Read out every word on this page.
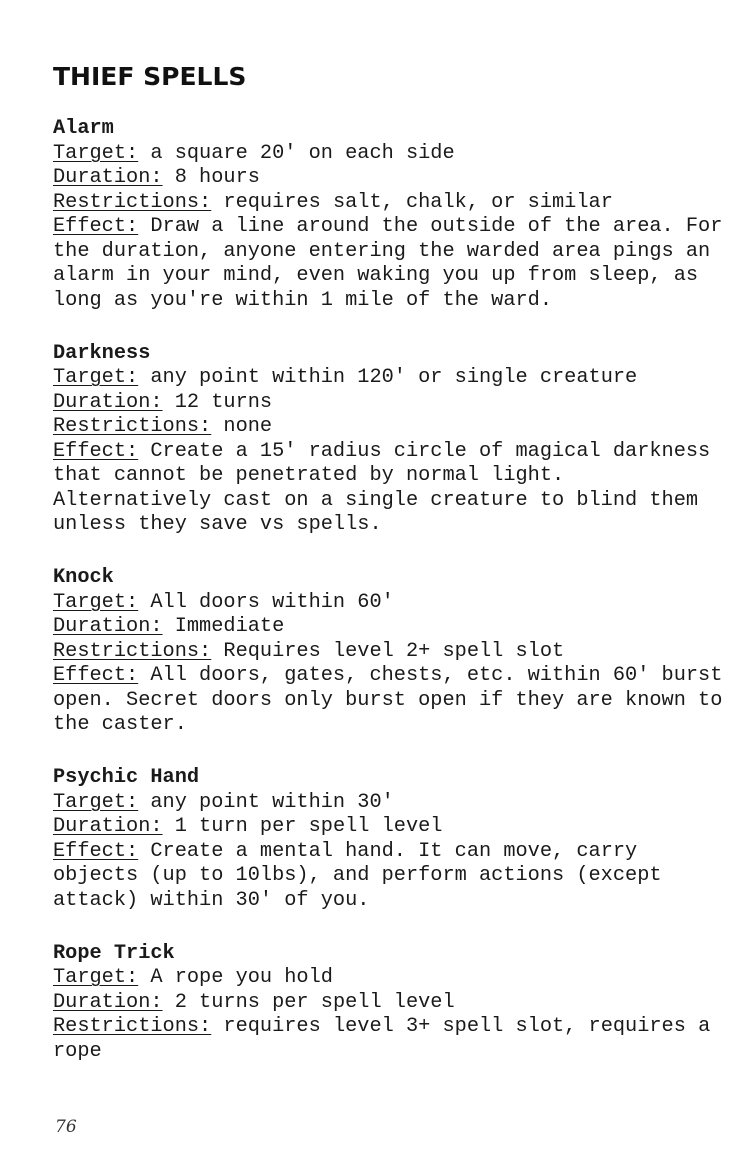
THIEF SPELLS
Alarm
Target: a square 20' on each side
Duration: 8 hours
Restrictions: requires salt, chalk, or similar
Effect: Draw a line around the outside of the area. For the duration, anyone entering the warded area pings an alarm in your mind, even waking you up from sleep, as long as you're within 1 mile of the ward.
Darkness
Target: any point within 120' or single creature
Duration: 12 turns
Restrictions: none
Effect: Create a 15' radius circle of magical darkness that cannot be penetrated by normal light. Alternatively cast on a single creature to blind them unless they save vs spells.
Knock
Target: All doors within 60'
Duration: Immediate
Restrictions: Requires level 2+ spell slot
Effect: All doors, gates, chests, etc. within 60' burst open. Secret doors only burst open if they are known to the caster.
Psychic Hand
Target: any point within 30'
Duration: 1 turn per spell level
Effect: Create a mental hand. It can move, carry objects (up to 10lbs), and perform actions (except attack) within 30' of you.
Rope Trick
Target: A rope you hold
Duration: 2 turns per spell level
Restrictions: requires level 3+ spell slot, requires a rope
76
